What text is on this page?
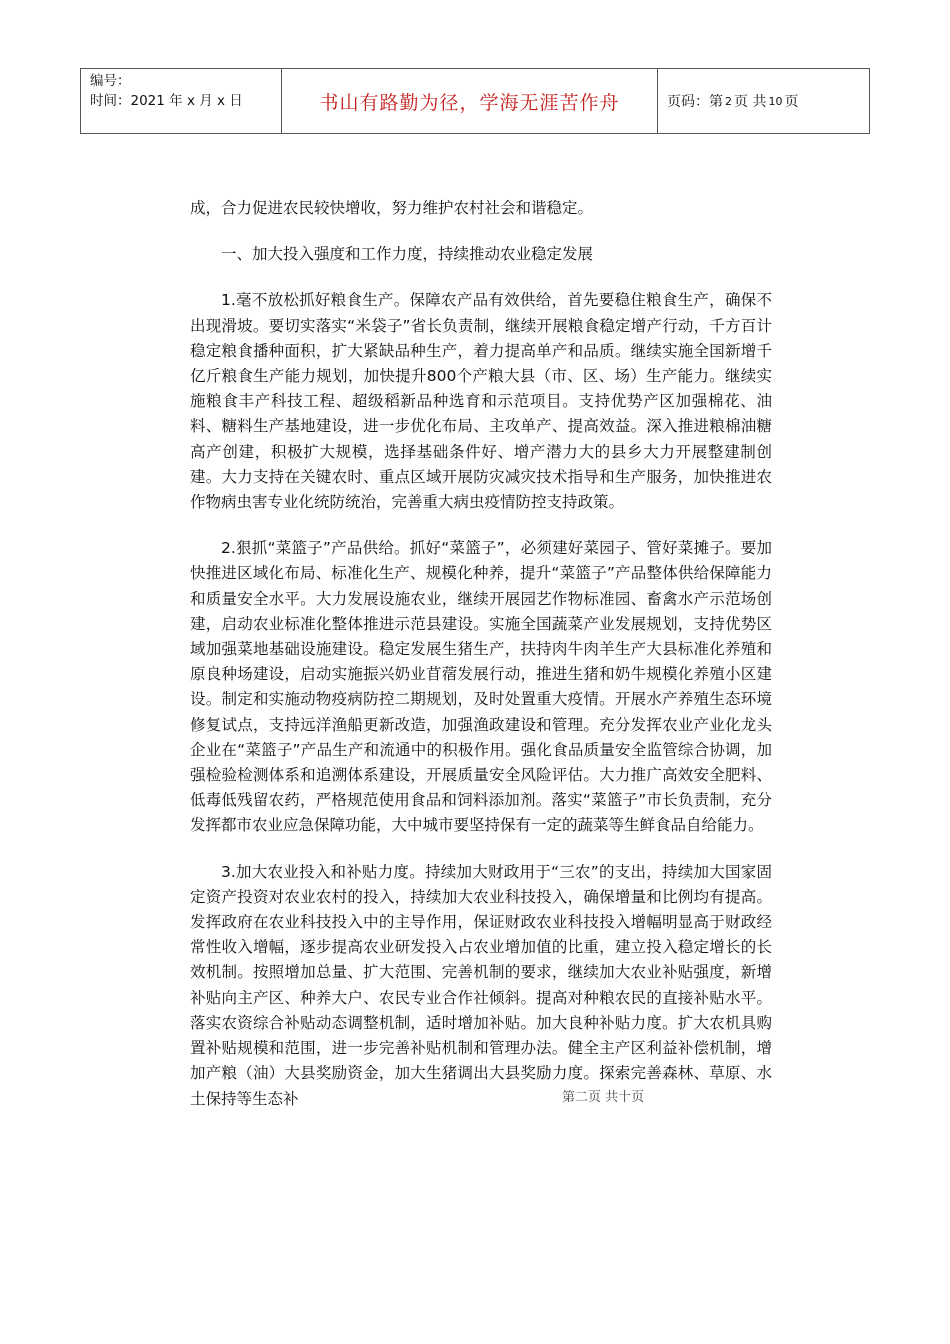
编号：
时间：2021 年 x 月 x 日	书山有路勤为径，学海无涯苦作舟	页码：第 2 页 共 10 页

成，合力促进农民较快增收，努力维护农村社会和谐稳定。

一、加大投入强度和工作力度，持续推动农业稳定发展

1.毫不放松抓好粮食生产。保障农产品有效供给，首先要稳住粮食生产，确保不出现滑坡。要切实落实“米袋子”省长负责制，继续开展粮食稳定增产行动，千方百计稳定粮食播种面积，扩大紧缺品种生产，着力提高单产和品质。继续实施全国新增千亿斤粮食生产能力规划，加快提升800个产粮大县（市、区、场）生产能力。继续实施粮食丰产科技工程、超级稻新品种选育和示范项目。支持优势产区加强棉花、油料、糖料生产基地建设，进一步优化布局、主攻单产、提高效益。深入推进粮棉油糖高产创建，积极扩大规模，选择基础条件好、增产潜力大的县乡大力开展整建制创建。大力支持在关键农时、重点区域开展防灾减灾技术指导和生产服务，加快推进农作物病虫害专业化统防统治，完善重大病虫疫情防控支持政策。

2.狠抓“菜篮子”产品供给。抓好“菜篮子”，必须建好菜园子、管好菜摊子。要加快推进区域化布局、标准化生产、规模化种养，提升“菜篮子”产品整体供给保障能力和质量安全水平。大力发展设施农业，继续开展园艺作物标准园、畜禽水产示范场创建，启动农业标准化整体推进示范县建设。实施全国蔬菜产业发展规划，支持优势区域加强菜地基础设施建设。稳定发展生猪生产，扶持肉牛肉羊生产大县标准化养殖和原良种场建设，启动实施振兴奶业苜蓿发展行动，推进生猪和奶牛规模化养殖小区建设。制定和实施动物疫病防控二期规划，及时处置重大疫情。开展水产养殖生态环境修复试点，支持远洋渔船更新改造，加强渔政建设和管理。充分发挥农业产业化龙头企业在“菜篮子”产品生产和流通中的积极作用。强化食品质量安全监管综合协调，加强检验检测体系和追溯体系建设，开展质量安全风险评估。大力推广高效安全肥料、低毒低残留农药，严格规范使用食品和饲料添加剂。落实“菜篮子”市长负责制，充分发挥都市农业应急保障功能，大中城市要坚持保有一定的蔬菜等生鲜食品自给能力。

3.加大农业投入和补贴力度。持续加大财政用于“三农”的支出，持续加大国家固定资产投资对农业农村的投入，持续加大农业科技投入，确保增量和比例均有提高。发挥政府在农业科技投入中的主导作用，保证财政农业科技投入增幅明显高于财政经常性收入增幅，逐步提高农业研发投入占农业增加值的比重，建立投入稳定增长的长效机制。按照增加总量、扩大范围、完善机制的要求，继续加大农业补贴强度，新增补贴向主产区、种养大户、农民专业合作社倾斜。提高对种粮农民的直接补贴水平。落实农资综合补贴动态调整机制，适时增加补贴。加大良种补贴力度。扩大农机具购置补贴规模和范围，进一步完善补贴机制和管理办法。健全主产区利益补偿机制，增加产粮（油）大县奖励资金，加大生猪调出大县奖励力度。探索完善森林、草原、水土保持等生态补	第二页 共十页
